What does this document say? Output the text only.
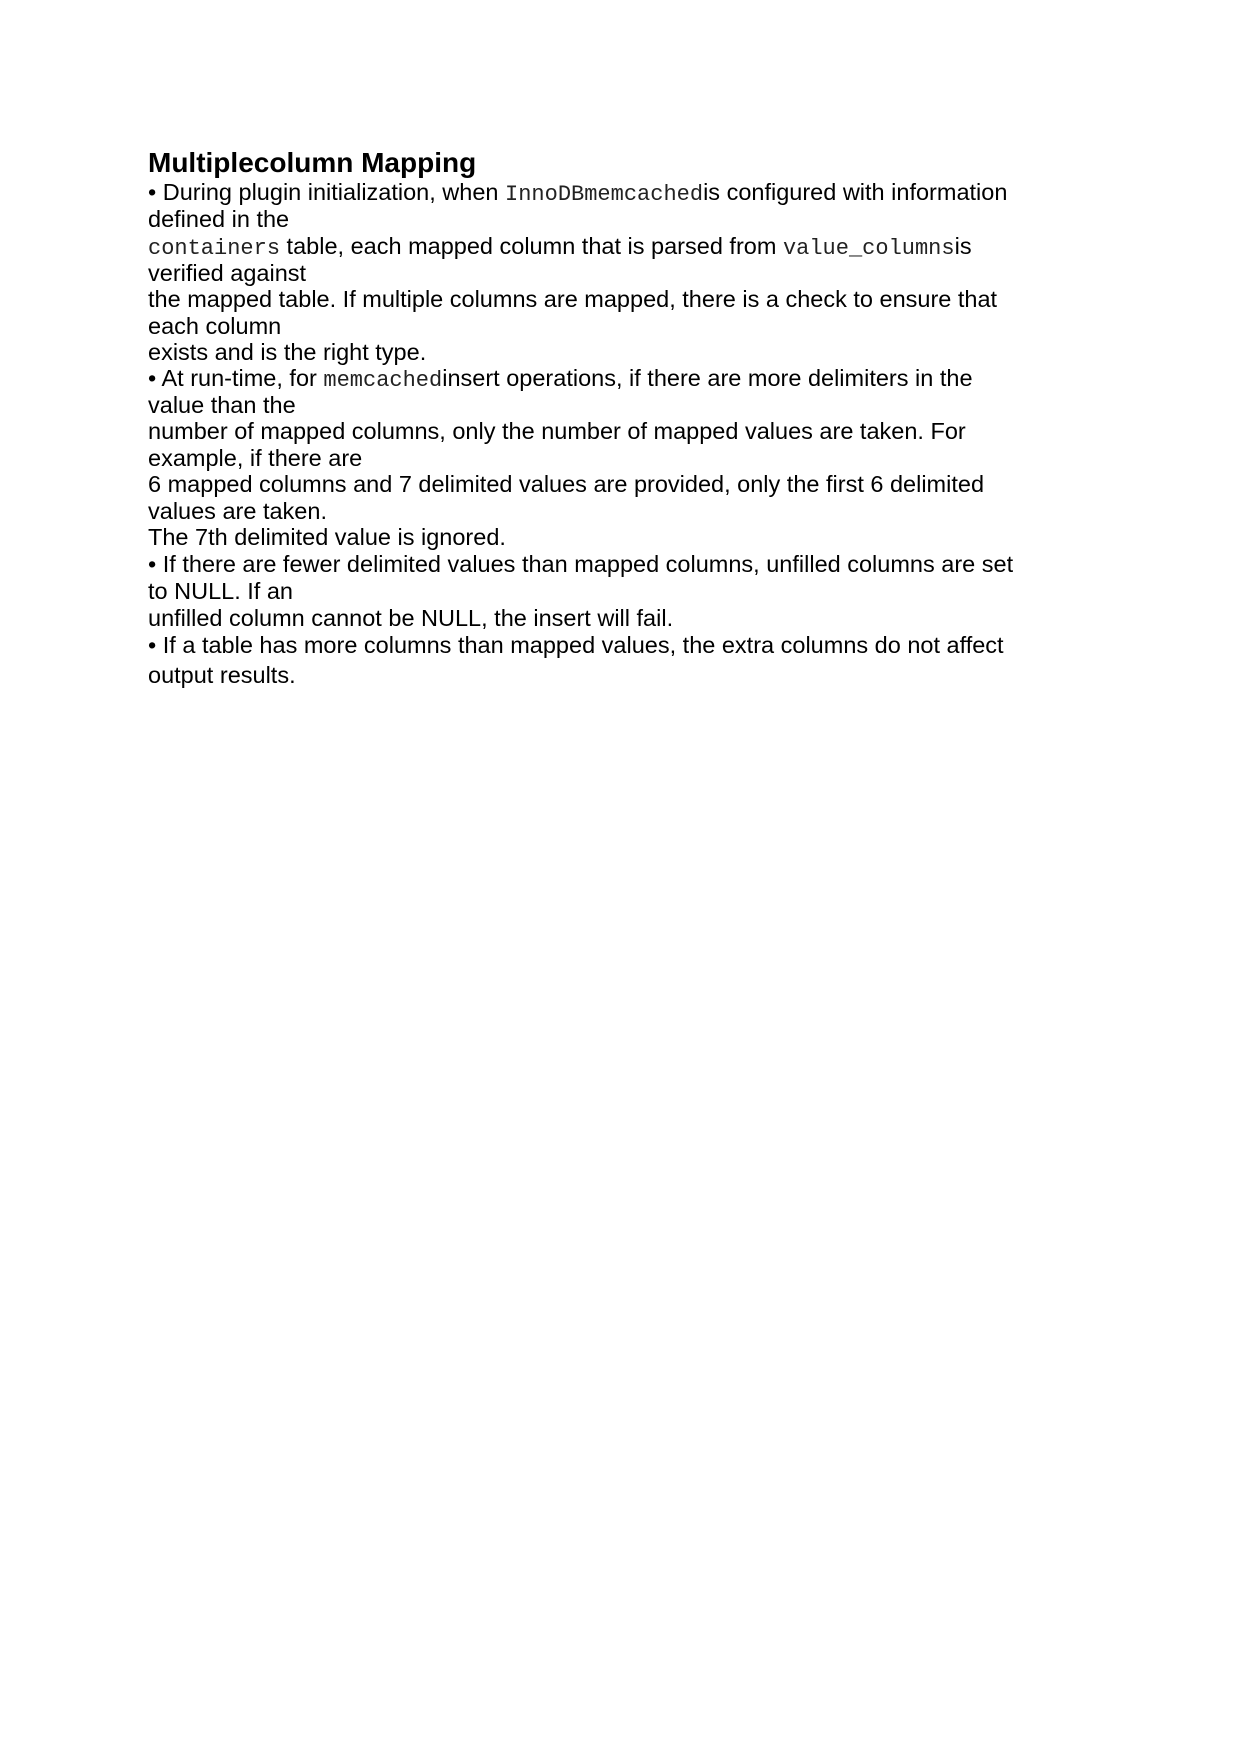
Multiplecolumn Mapping
• During plugin initialization, when InnoDBmemcachedis configured with information
defined in the
containers table, each mapped column that is parsed from value_columnsis
verified against
the mapped table. If multiple columns are mapped, there is a check to ensure that
each column
exists and is the right type.
• At run-time, for memcachedinsert operations, if there are more delimiters in the
value than the
number of mapped columns, only the number of mapped values are taken. For
example, if there are
6 mapped columns and 7 delimited values are provided, only the first 6 delimited
values are taken.
The 7th delimited value is ignored.
• If there are fewer delimited values than mapped columns, unfilled columns are set
to NULL. If an
unfilled column cannot be NULL, the insert will fail.
• If a table has more columns than mapped values, the extra columns do not affect
output results.
